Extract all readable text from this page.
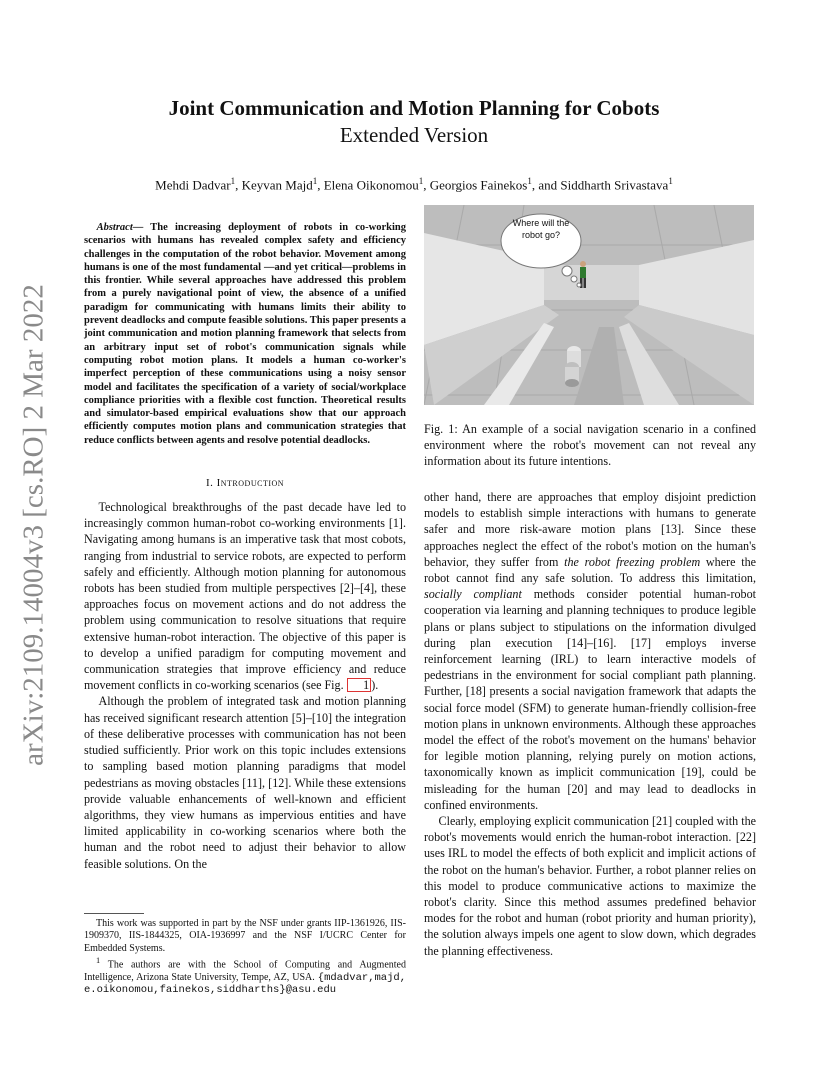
arXiv:2109.14004v3 [cs.RO] 2 Mar 2022
Joint Communication and Motion Planning for Cobots
Extended Version
Mehdi Dadvar$^1$, Keyvan Majd$^1$, Elena Oikonomou$^1$, Georgios Fainekos$^1$, and Siddharth Srivastava$^1$

Abstract— The increasing deployment of robots in co-working scenarios with humans has revealed complex safety and efficiency challenges in the computation of the robot behavior. Movement among humans is one of the most fundamental —and yet critical—problems in this frontier. While several approaches have addressed this problem from a purely navigational point of view, the absence of a unified paradigm for communicating with humans limits their ability to prevent deadlocks and compute feasible solutions. This paper presents a joint communication and motion planning framework that selects from an arbitrary input set of robot's communication signals while computing robot motion plans. It models a human co-worker's imperfect perception of these communications using a noisy sensor model and facilitates the specification of a variety of social/workplace compliance priorities with a flexible cost function. Theoretical results and simulator-based empirical evaluations show that our approach efficiently computes motion plans and communication strategies that reduce conflicts between agents and resolve potential deadlocks.

I. Introduction

Technological breakthroughs of the past decade have led to increasingly common human-robot co-working environments [1]. Navigating among humans is an imperative task that most cobots, ranging from industrial to service robots, are expected to perform safely and efficiently. Although motion planning for autonomous robots has been studied from multiple perspectives [2]–[4], these approaches focus on movement actions and do not address the problem using communication to resolve situations that require extensive human-robot interaction. The objective of this paper is to develop a unified paradigm for computing movement and communication strategies that improve efficiency and reduce movement conflicts in co-working scenarios (see Fig. 1 ).

Although the problem of integrated task and motion planning has received significant research attention [5]–[10] the integration of these deliberative processes with communication has not been studied sufficiently. Prior work on this topic includes extensions to sampling based motion planning paradigms that model pedestrians as moving obstacles [11], [12]. While these extensions provide valuable enhancements of well-known and efficient algorithms, they view humans as impervious entities and have limited applicability in co-working scenarios where both the human and the robot need to adjust their behavior to allow feasible solutions. On the

This work was supported in part by the NSF under grants IIP-1361926, IIS-1909370, IIS-1844325, OIA-1936997 and the NSF I/UCRC Center for Embedded Systems.

$^1$ The authors are with the School of Computing and Augmented Intelligence, Arizona State University, Tempe, AZ, USA. {mdadvar,majd, e.oikonomou,fainekos,siddharths}@asu.edu

Where will the robot go?

Fig. 1: An example of a social navigation scenario in a confined environment where the robot's movement can not reveal any information about its future intentions.

other hand, there are approaches that employ disjoint prediction models to establish simple interactions with humans to generate safer and more risk-aware motion plans [13]. Since these approaches neglect the effect of the robot's motion on the human's behavior, they suffer from the robot freezing problem where the robot cannot find any safe solution. To address this limitation, socially compliant methods consider potential human-robot cooperation via learning and planning techniques to produce legible plans or plans subject to stipulations on the information divulged during plan execution [14]–[16]. [17] employs inverse reinforcement learning (IRL) to learn interactive models of pedestrians in the environment for social compliant path planning. Further, [18] presents a social navigation framework that adapts the social force model (SFM) to generate human-friendly collision-free motion plans in unknown environments. Although these approaches model the effect of the robot's movement on the humans' behavior for legible motion planning, relying purely on motion actions, taxonomically known as implicit communication [19], could be misleading for the human [20] and may lead to deadlocks in confined environments.

Clearly, employing explicit communication [21] coupled with the robot's movements would enrich the human-robot interaction. [22] uses IRL to model the effects of both explicit and implicit actions of the robot on the human's behavior. Further, a robot planner relies on this model to produce communicative actions to maximize the robot's clarity. Since this method assumes predefined behavior modes for the robot and human (robot priority and human priority), the solution always impels one agent to slow down, which degrades the planning effectiveness.
